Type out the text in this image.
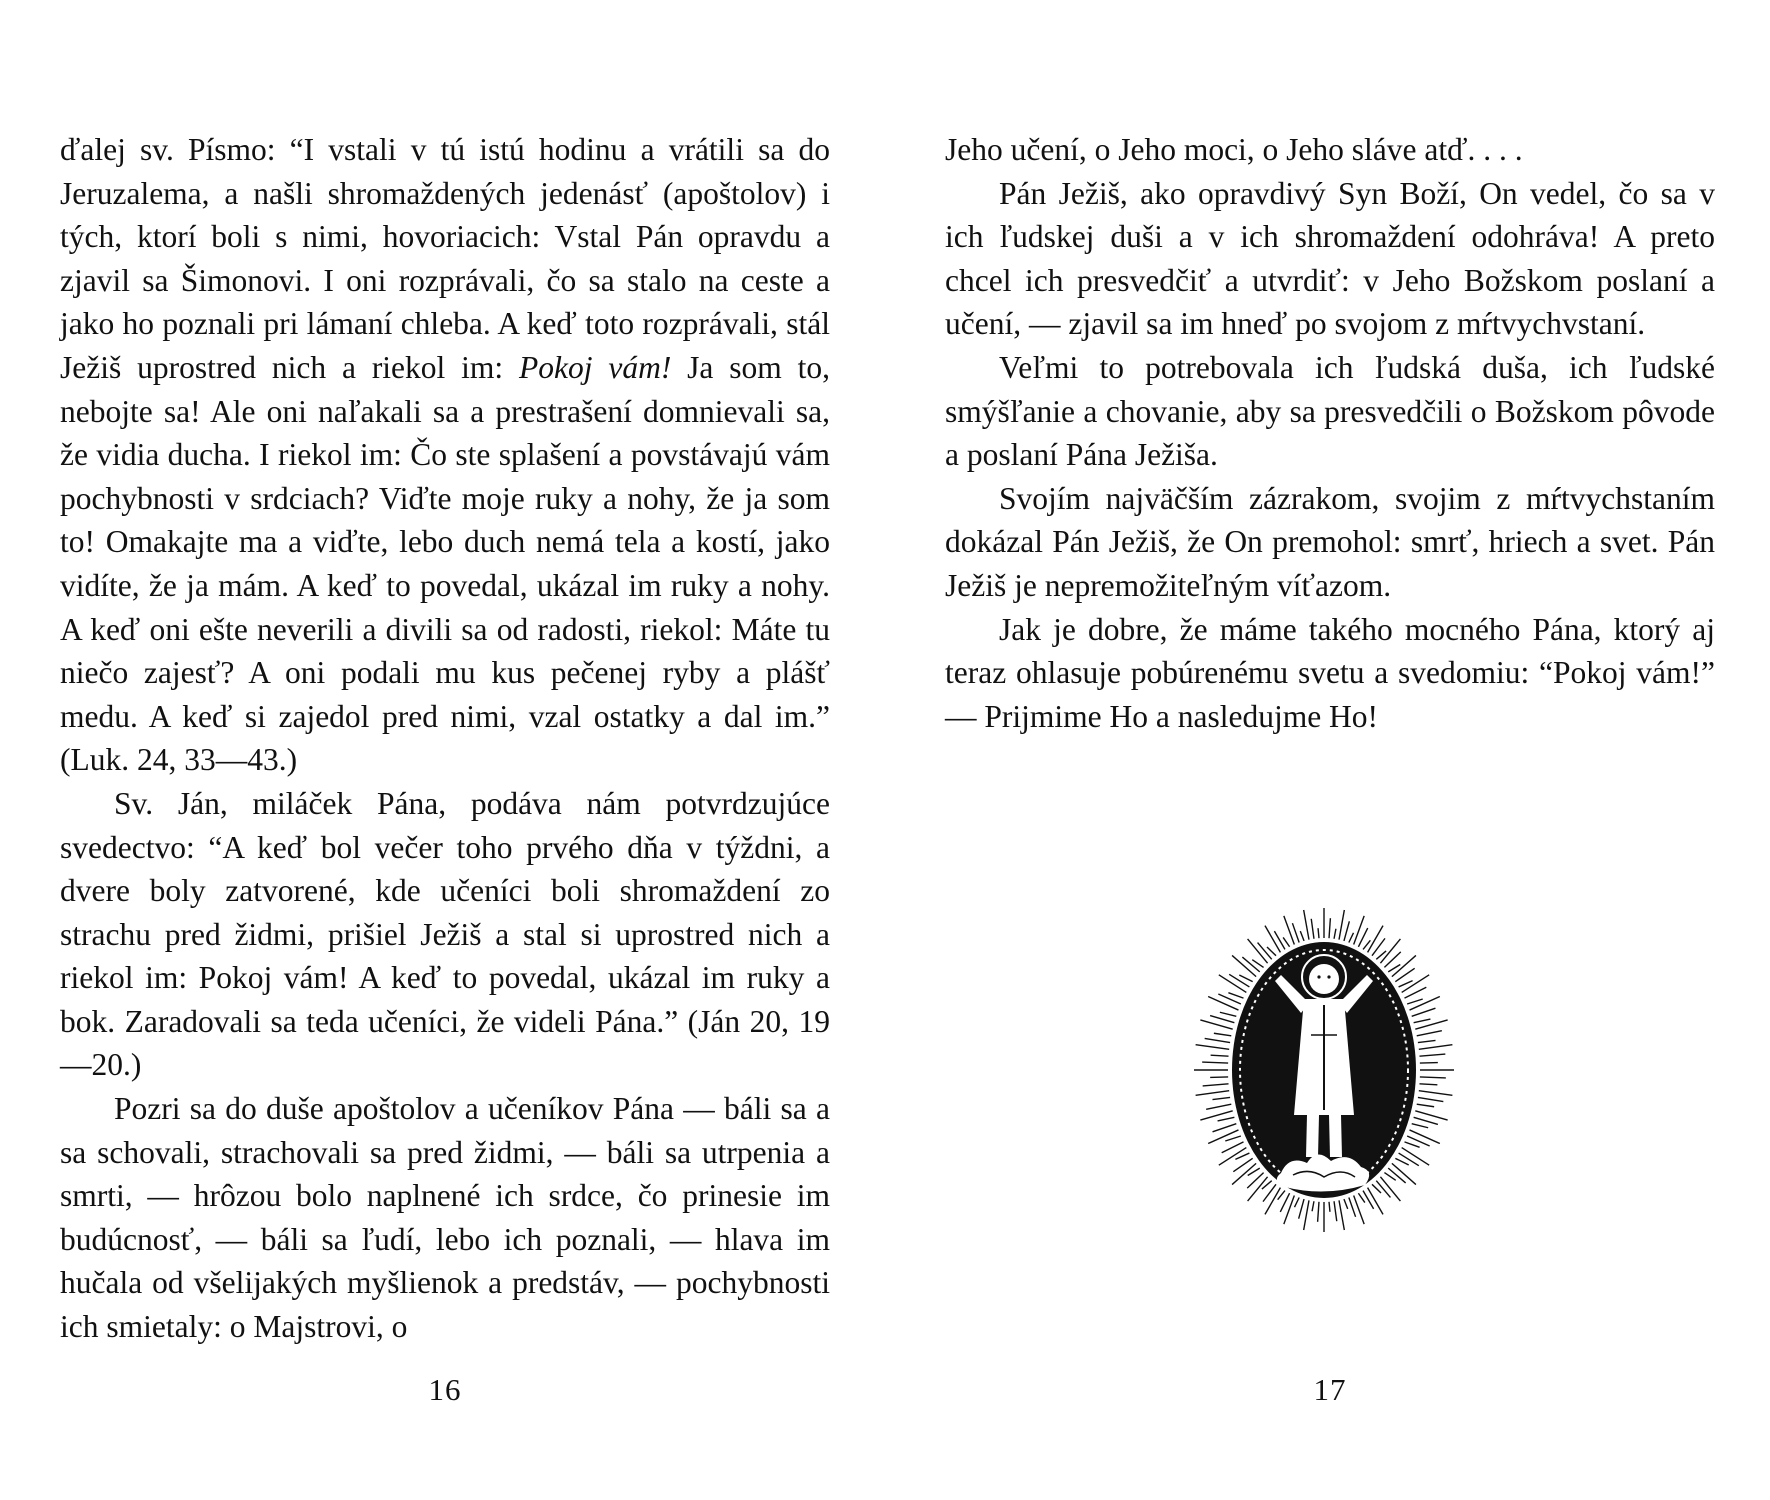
ďalej sv. Písmo: “I vstali v tú istú hodinu a vrátili sa do Jeruzalema, a našli shromaždených jedenásť (apoštolov) i tých, ktorí boli s nimi, hovoriacich: Vstal Pán opravdu a zjavil sa Šimonovi. I oni rozprávali, čo sa stalo na ceste a jako ho poznali pri lámaní chleba. A keď toto rozprávali, stál Ježiš uprostred nich a riekol im: Pokoj vám! Ja som to, nebojte sa! Ale oni naľakali sa a prestrašení domnievali sa, že vidia ducha. I riekol im: Čo ste splašení a povstávajú vám pochybnosti v srdciach? Viďte moje ruky a nohy, že ja som to! Omakajte ma a viďte, lebo duch nemá tela a kostí, jako vidíte, že ja mám. A keď to povedal, ukázal im ruky a nohy. A keď oni ešte neverili a divili sa od radosti, riekol: Máte tu niečo zajesť? A oni podali mu kus pečenej ryby a plášť medu. A keď si zajedol pred nimi, vzal ostatky a dal im.” (Luk. 24, 33—43.)

Sv. Ján, miláček Pána, podáva nám potvrdzujúce svedectvo: “A keď bol večer toho prvého dňa v týždni, a dvere boly zatvorené, kde učeníci boli shromaždení zo strachu pred židmi, prišiel Ježiš a stal si uprostred nich a riekol im: Pokoj vám! A keď to povedal, ukázal im ruky a bok. Zaradovali sa teda učeníci, že videli Pána.” (Ján 20, 19—20.)

Pozri sa do duše apoštolov a učeníkov Pána — báli sa a sa schovali, strachovali sa pred židmi, — báli sa utrpenia a smrti, — hrôzou bolo naplnené ich srdce, čo prinesie im budúcnosť, — báli sa ľudí, lebo ich poznali, — hlava im hučala od všelijakých myšlienok a predstáv, — pochybnosti ich smietaly: o Majstrovi, o

16

Jeho učení, o Jeho moci, o Jeho sláve atď. . . .

Pán Ježiš, ako opravdivý Syn Boží, On vedel, čo sa v ich ľudskej duši a v ich shromaždení odohráva! A preto chcel ich presvedčiť a utvrdiť: v Jeho Božskom poslaní a učení, — zjavil sa im hneď po svojom z mŕtvychvstaní.

Veľmi to potrebovala ich ľudská duša, ich ľudské smýšľanie a chovanie, aby sa presvedčili o Božskom pôvode a poslaní Pána Ježiša.

Svojím najväčším zázrakom, svojim z mŕtvychstaním dokázal Pán Ježiš, že On premohol: smrť, hriech a svet. Pán Ježiš je nepremožiteľným víťazom.

Jak je dobre, že máme takého mocného Pána, ktorý aj teraz ohlasuje pobúrenému svetu a svedomiu: “Pokoj vám!” — Prijmime Ho a nasledujme Ho!

17
